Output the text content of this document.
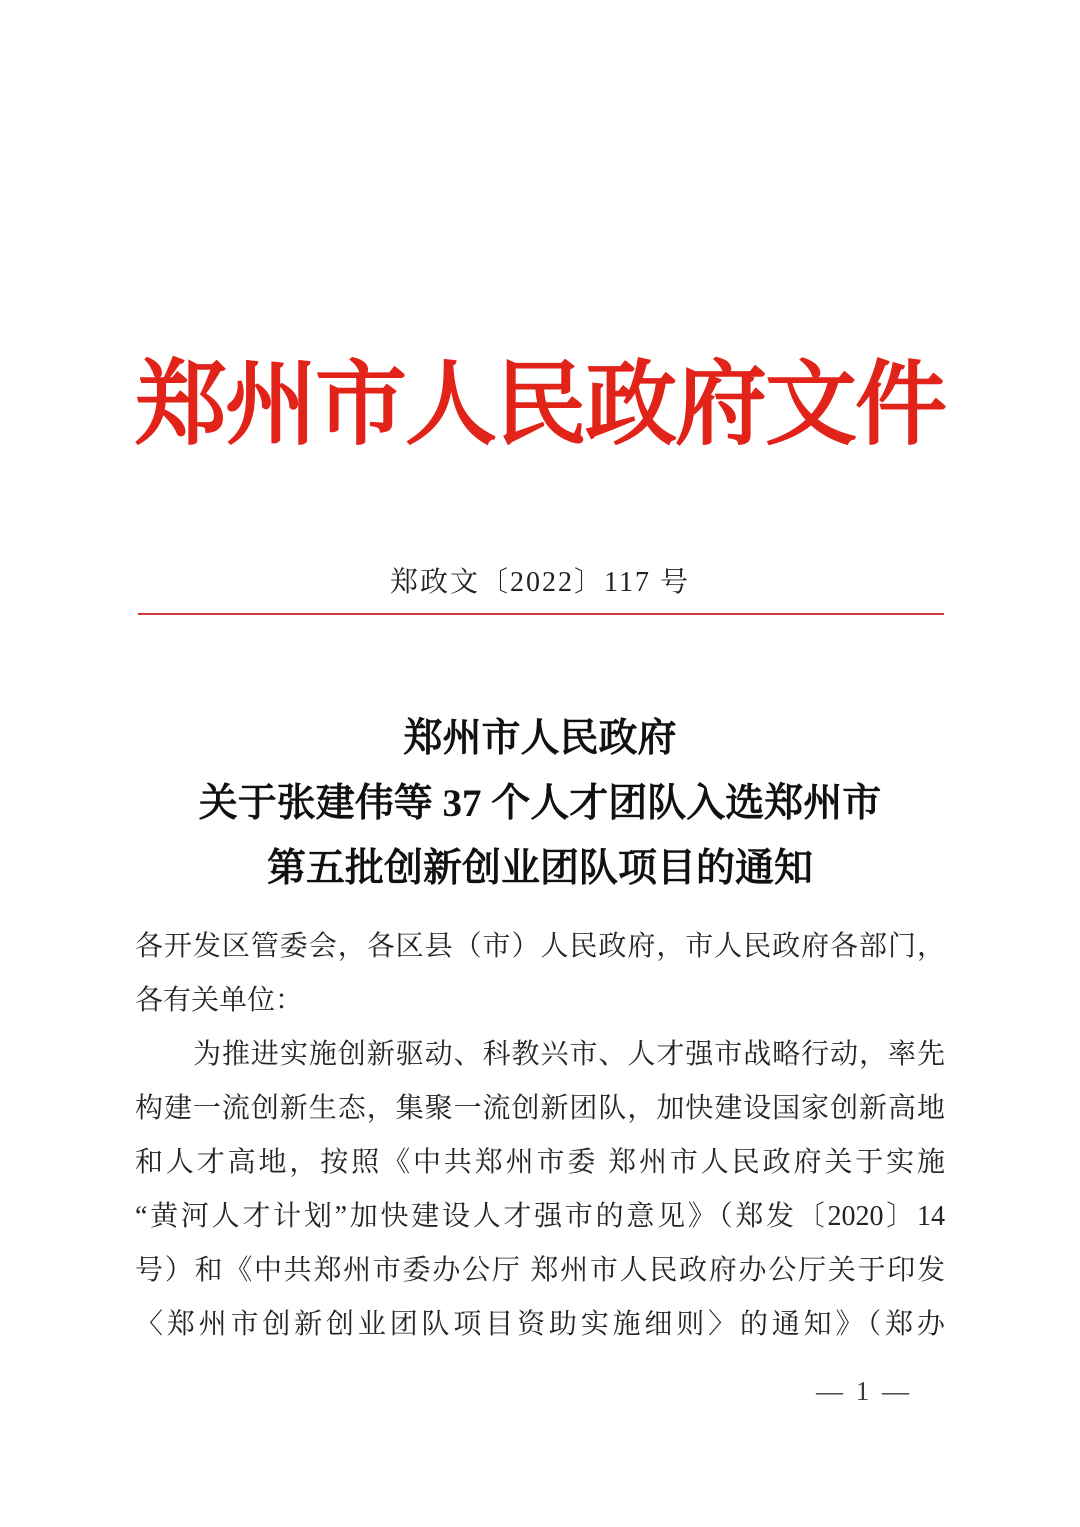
郑州市人民政府文件
郑政文〔2022〕117 号
郑州市人民政府
关于张建伟等 37 个人才团队入选郑州市
第五批创新创业团队项目的通知
各开发区管委会，各区县（市）人民政府，市人民政府各部门，
各有关单位：
为推进实施创新驱动、科教兴市、人才强市战略行动，率先
构建一流创新生态，集聚一流创新团队，加快建设国家创新高地
和人才高地，按照《中共郑州市委 郑州市人民政府关于实施
“黄河人才计划”加快建设人才强市的意见》（郑发〔2020〕14
号）和《中共郑州市委办公厅 郑州市人民政府办公厅关于印发
〈郑州市创新创业团队项目资助实施细则〉的通知》（郑办
— 1 —
